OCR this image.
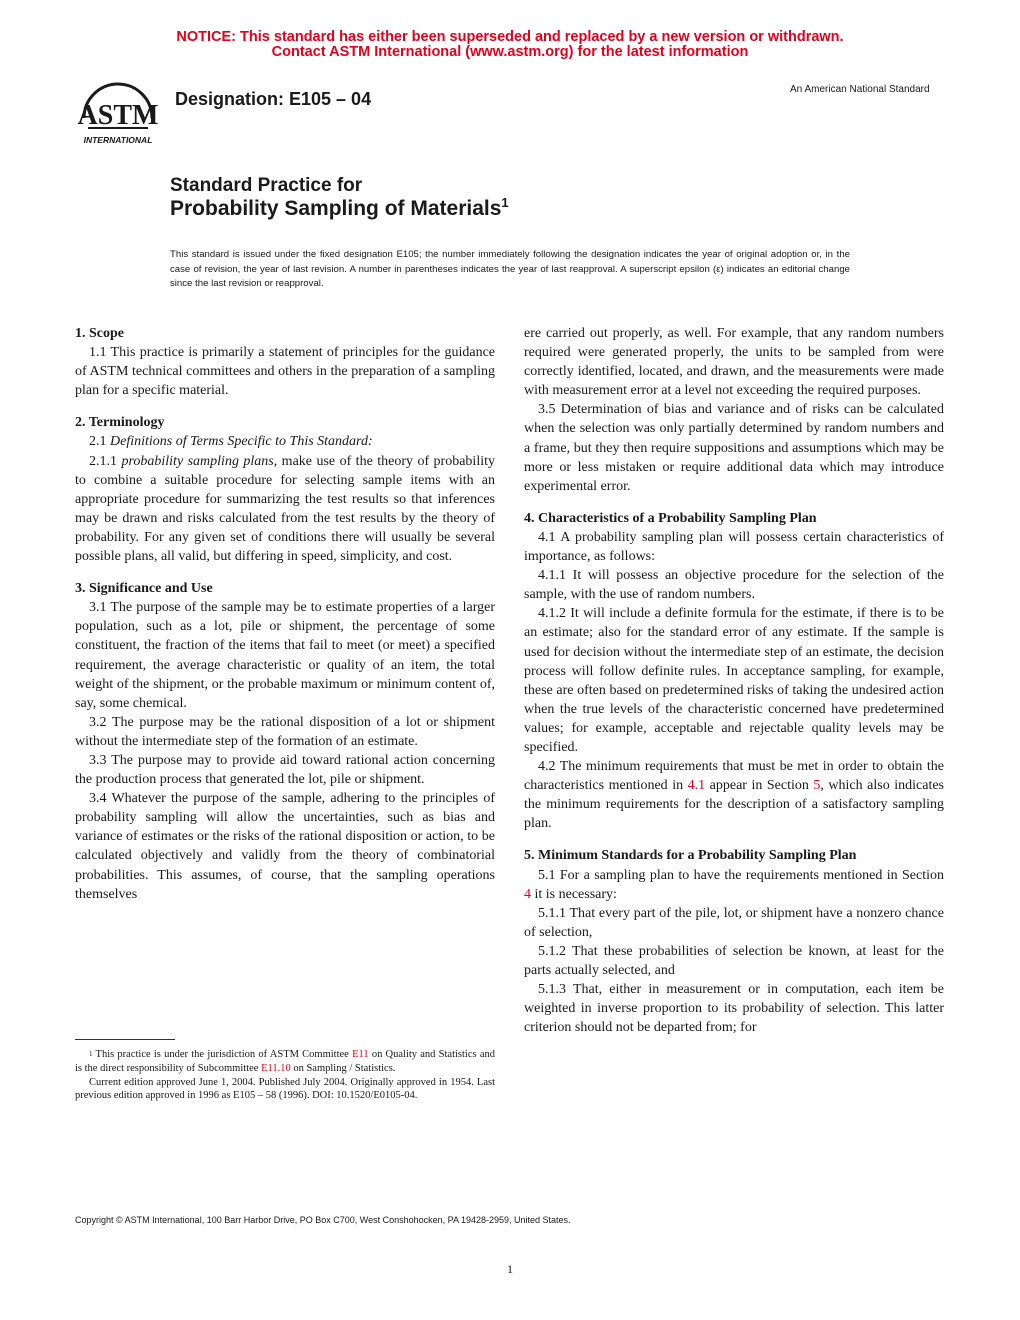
NOTICE: This standard has either been superseded and replaced by a new version or withdrawn.
Contact ASTM International (www.astm.org) for the latest information
ASTM
INTERNATIONAL
Designation: E105 – 04	An American National Standard
Standard Practice for
Probability Sampling of Materials$^1$
This standard is issued under the fixed designation E105; the number immediately following the designation indicates the year of original adoption or, in the case of revision, the year of last revision. A number in parentheses indicates the year of last reapproval. A superscript epsilon (ε) indicates an editorial change since the last revision or reapproval.
1. Scope

1.1 This practice is primarily a statement of principles for the guidance of ASTM technical committees and others in the preparation of a sampling plan for a specific material.

2. Terminology

2.1 Definitions of Terms Specific to This Standard:

2.1.1 probability sampling plans, make use of the theory of probability to combine a suitable procedure for selecting sample items with an appropriate procedure for summarizing the test results so that inferences may be drawn and risks calculated from the test results by the theory of probability. For any given set of conditions there will usually be several possible plans, all valid, but differing in speed, simplicity, and cost.

3. Significance and Use

3.1 The purpose of the sample may be to estimate properties of a larger population, such as a lot, pile or shipment, the percentage of some constituent, the fraction of the items that fail to meet (or meet) a specified requirement, the average characteristic or quality of an item, the total weight of the shipment, or the probable maximum or minimum content of, say, some chemical.

3.2 The purpose may be the rational disposition of a lot or shipment without the intermediate step of the formation of an estimate.

3.3 The purpose may to provide aid toward rational action concerning the production process that generated the lot, pile or shipment.

3.4 Whatever the purpose of the sample, adhering to the principles of probability sampling will allow the uncertainties, such as bias and variance of estimates or the risks of the rational disposition or action, to be calculated objectively and validly from the theory of combinatorial probabilities. This assumes, of course, that the sampling operations themselves

$^1$ This practice is under the jurisdiction of ASTM Committee E11 on Quality and Statistics and is the direct responsibility of Subcommittee E11.10 on Sampling / Statistics.

Current edition approved June 1, 2004. Published July 2004. Originally approved in 1954. Last previous edition approved in 1996 as E105 – 58 (1996). DOI: 10.1520/E0105-04.

ere carried out properly, as well. For example, that any random numbers required were generated properly, the units to be sampled from were correctly identified, located, and drawn, and the measurements were made with measurement error at a level not exceeding the required purposes.

3.5 Determination of bias and variance and of risks can be calculated when the selection was only partially determined by random numbers and a frame, but they then require suppositions and assumptions which may be more or less mistaken or require additional data which may introduce experimental error.

4. Characteristics of a Probability Sampling Plan

4.1 A probability sampling plan will possess certain characteristics of importance, as follows:

4.1.1 It will possess an objective procedure for the selection of the sample, with the use of random numbers.

4.1.2 It will include a definite formula for the estimate, if there is to be an estimate; also for the standard error of any estimate. If the sample is used for decision without the intermediate step of an estimate, the decision process will follow definite rules. In acceptance sampling, for example, these are often based on predetermined risks of taking the undesired action when the true levels of the characteristic concerned have predetermined values; for example, acceptable and rejectable quality levels may be specified.

4.2 The minimum requirements that must be met in order to obtain the characteristics mentioned in 4.1 appear in Section 5, which also indicates the minimum requirements for the description of a satisfactory sampling plan.

5. Minimum Standards for a Probability Sampling Plan

5.1 For a sampling plan to have the requirements mentioned in Section 4 it is necessary:

5.1.1 That every part of the pile, lot, or shipment have a nonzero chance of selection,

5.1.2 That these probabilities of selection be known, at least for the parts actually selected, and

5.1.3 That, either in measurement or in computation, each item be weighted in inverse proportion to its probability of selection. This latter criterion should not be departed from; for

Copyright © ASTM International, 100 Barr Harbor Drive, PO Box C700, West Conshohocken, PA 19428-2959, United States.
1
